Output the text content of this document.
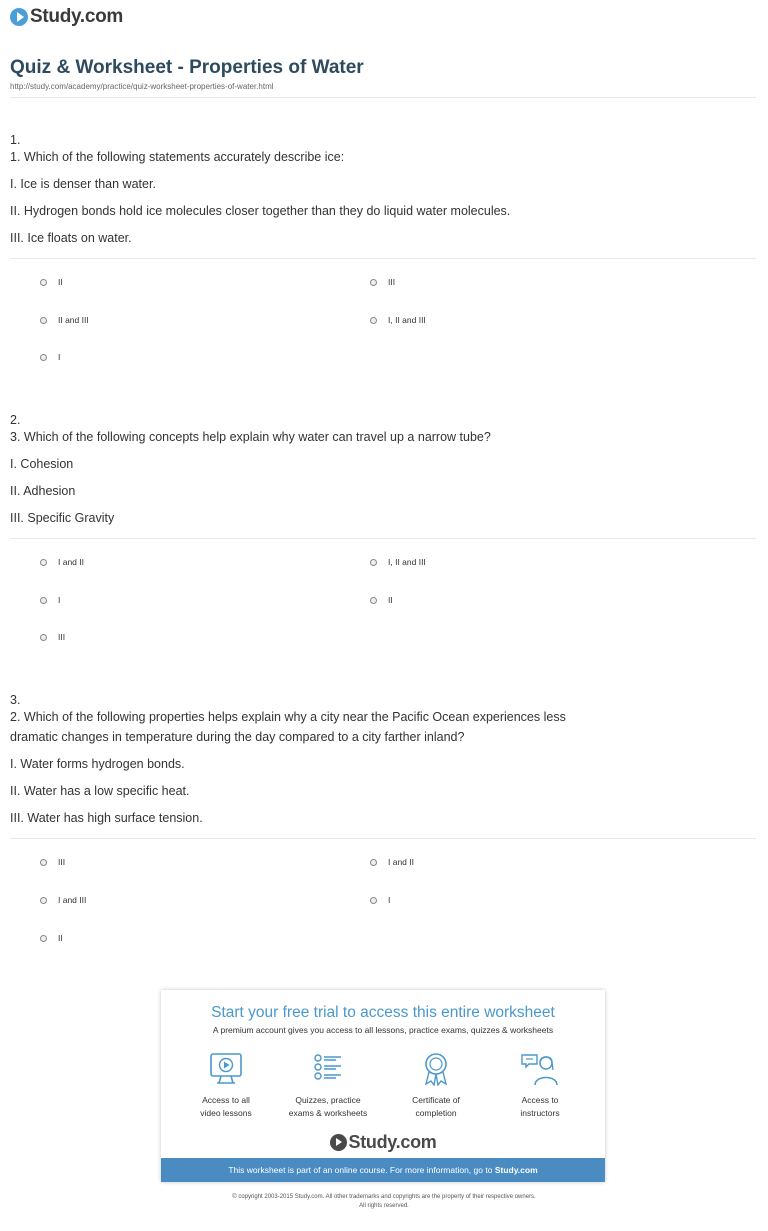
Study.com
Quiz & Worksheet - Properties of Water
http://study.com/academy/practice/quiz-worksheet-properties-of-water.html
1.
1. Which of the following statements accurately describe ice:
I. Ice is denser than water.
II. Hydrogen bonds hold ice molecules closer together than they do liquid water molecules.
III. Ice floats on water.
II	III
II and III	I, II and III
I
2.
3. Which of the following concepts help explain why water can travel up a narrow tube?
I. Cohesion
II. Adhesion
III. Specific Gravity
I and II	I, II and III
I	II
III
3.
2. Which of the following properties helps explain why a city near the Pacific Ocean experiences less
dramatic changes in temperature during the day compared to a city farther inland?
I. Water forms hydrogen bonds.
II. Water has a low specific heat.
III. Water has high surface tension.
III	I and II
I and III	I
II
Start your free trial to access this entire worksheet
A premium account gives you access to all lessons, practice exams, quizzes & worksheets
Access to all
video lessons
Quizzes, practice
exams & worksheets
Certificate of
completion
Access to
instructors
Study.com
This worksheet is part of an online course. For more information, go to Study.com
© copyright 2003-2015 Study.com. All other trademarks and copyrights are the property of their respective owners.
All rights reserved.
